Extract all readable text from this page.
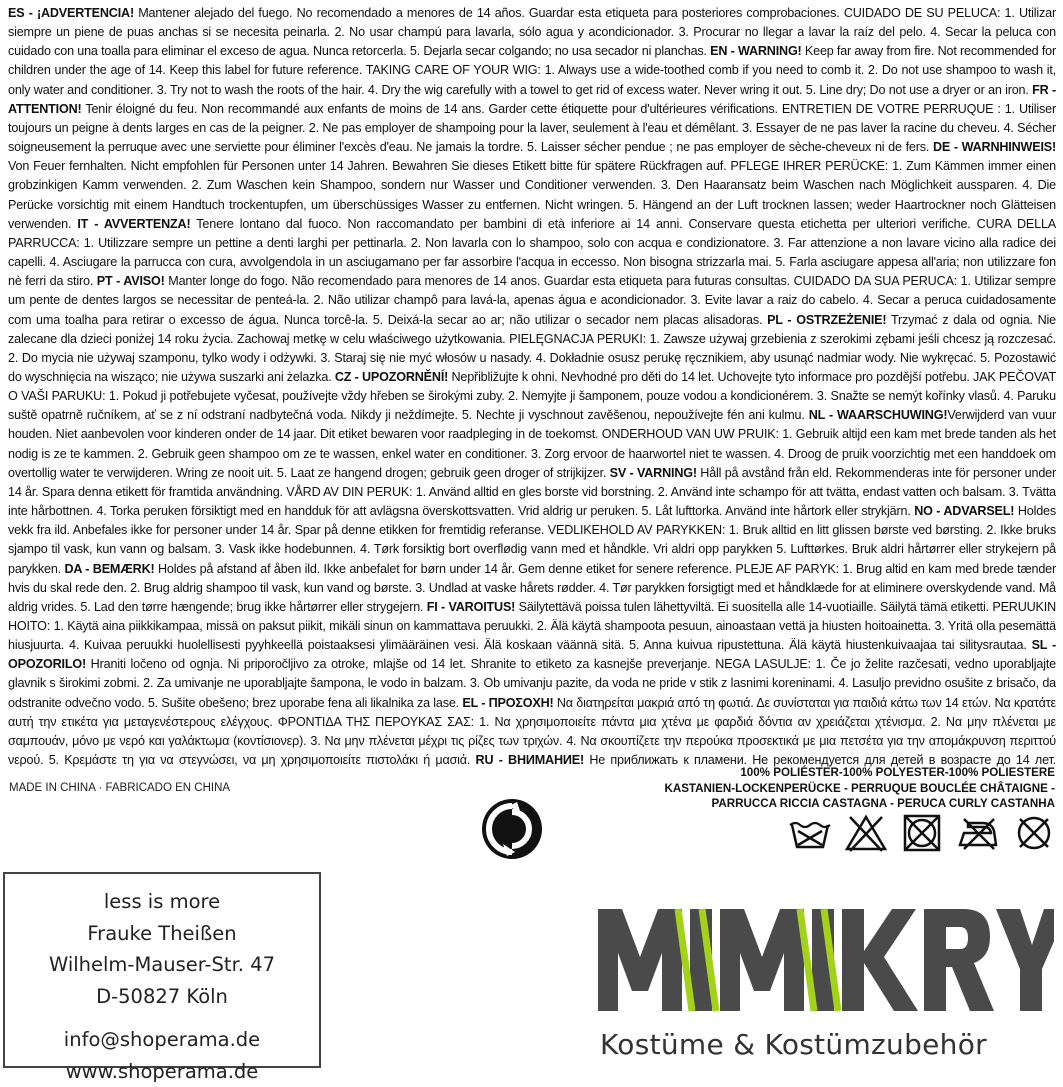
ES - ¡ADVERTENCIA! Mantener alejado del fuego. No recomendado a menores de 14 años. Guardar esta etiqueta para posteriores comprobaciones. CUIDADO DE SU PELUCA: 1. Utilizar siempre un piene de puas anchas si se necesita peinarla. 2. No usar champú para lavarla, sólo agua y acondicionador. 3. Procurar no llegar a lavar la raíz del pelo. 4. Secar la peluca con cuidado con una toalla para eliminar el exceso de agua. Nunca retorcerla. 5. Dejarla secar colgando; no usa secador ni planchas. EN - WARNING! Keep far away from fire. Not recommended for children under the age of 14. Keep this label for future reference. TAKING CARE OF YOUR WIG: 1. Always use a wide-toothed comb if you need to comb it. 2. Do not use shampoo to wash it, only water and conditioner. 3. Try not to wash the roots of the hair. 4. Dry the wig carefully with a towel to get rid of excess water. Never wring it out. 5. Line dry; Do not use a dryer or an iron. FR - ATTENTION! Tenir éloigné du feu. Non recommandé aux enfants de moins de 14 ans. Garder cette étiquette pour d'ultérieures vérifications. ENTRETIEN DE VOTRE PERRUQUE : 1. Utiliser toujours un peigne à dents larges en cas de la peigner. 2. Ne pas employer de shampoing pour la laver, seulement à l'eau et démêlant. 3. Essayer de ne pas laver la racine du cheveu. 4. Sécher soigneusement la perruque avec une serviette pour éliminer l'excès d'eau. Ne jamais la tordre. 5. Laisser sécher pendue ; ne pas employer de sèche-cheveux ni de fers. DE - WARNHINWEIS! Von Feuer fernhalten. Nicht empfohlen für Personen unter 14 Jahren. Bewahren Sie dieses Etikett bitte für spätere Rückfragen auf. PFLEGE IHRER PERÜCKE: 1. Zum Kämmen immer einen grobzinkigen Kamm verwenden. 2. Zum Waschen kein Shampoo, sondern nur Wasser und Conditioner verwenden. 3. Den Haaransatz beim Waschen nach Möglichkeit aussparen. 4. Die Perücke vorsichtig mit einem Handtuch trockentupfen, um überschüssiges Wasser zu entfernen. Nicht wringen. 5. Hängend an der Luft trocknen lassen; weder Haartrockner noch Glätteisen verwenden. IT - AVVERTENZA! Tenere lontano dal fuoco. Non raccomandato per bambini di età inferiore ai 14 anni. Conservare questa etichetta per ulteriori verifiche. CURA DELLA PARRUCCA: 1. Utilizzare sempre un pettine a denti larghi per pettinarla. 2. Non lavarla con lo shampoo, solo con acqua e condizionatore. 3. Far attenzione a non lavare vicino alla radice dei capelli. 4. Asciugare la parrucca con cura, avvolgendola in un asciugamano per far assorbire l'acqua in eccesso. Non bisogna strizzarla mai. 5. Farla asciugare appesa all'aria; non utilizzare fon nè ferri da stiro. PT - AVISO! Manter longe do fogo. Não recomendado para menores de 14 anos. Guardar esta etiqueta para futuras consultas. CUIDADO DA SUA PERUCA: 1. Utilizar sempre um pente de dentes largos se necessitar de penteá-la. 2. Não utilizar champô para lavá-la, apenas água e acondicionador. 3. Evite lavar a raiz do cabelo. 4. Secar a peruca cuidadosamente com uma toalha para retirar o excesso de água. Nunca torcê-la. 5. Deixá-la secar ao ar; não utilizar o secador nem placas alisadoras. PL - OSTRZEŻENIE! Trzymać z dala od ognia. Nie zalecane dla dzieci poniżej 14 roku życia. Zachowaj metkę w celu właściwego użytkowania. PIELĘGNACJA PERUKI: 1. Zawsze używaj grzebienia z szerokimi zębami jeśli chcesz ją rozczesać. 2. Do mycia nie używaj szamponu, tylko wody i odżywki. 3. Staraj się nie myć włosów u nasady. 4. Dokładnie osusz perukę ręcznikiem, aby usunąć nadmiar wody. Nie wykręcać. 5. Pozostawić do wyschnięcia na wisząco; nie używa suszarki ani żelazka. CZ - UPOZORNĚNÍ! Nepřibližujte k ohni. Nevhodné pro děti do 14 let. Uchovejte tyto informace pro pozdější potřebu. JAK PEČOVAT O VAŠI PARUKU: 1. Pokud ji potřebujete vyčesat, používejte vždy hřeben se širokými zuby. 2. Nemyjte ji šamponem, pouze vodou a kondicionérem. 3. Snažte se nemýt kořínky vlasů. 4. Paruku suště opatrně ručníkem, ať se z ní odstraní nadbytečná voda. Nikdy ji neždímejte. 5. Nechte ji vyschnout zavěšenou, nepoužívejte fén ani kulmu. NL - WAARSCHUWING!Verwijderd van vuur houden. Niet aanbevolen voor kinderen onder de 14 jaar. Dit etiket bewaren voor raadpleging in de toekomst. ONDERHOUD VAN UW PRUIK: 1. Gebruik altijd een kam met brede tanden als het nodig is ze te kammen. 2. Gebruik geen shampoo om ze te wassen, enkel water en conditioner. 3. Zorg ervoor de haarwortel niet te wassen. 4. Droog de pruik voorzichtig met een handdoek om overtollig water te verwijderen. Wring ze nooit uit. 5. Laat ze hangend drogen; gebruik geen droger of strijkijzer. SV - VARNING! Håll på avstånd från eld. Rekommenderas inte för personer under 14 år. Spara denna etikett för framtida användning. VÅRD AV DIN PERUK: 1. Använd alltid en gles borste vid borstning. 2. Använd inte schampo för att tvätta, endast vatten och balsam. 3. Tvätta inte hårbottnen. 4. Torka peruken försiktigt med en handduk för att avlägsna överskottsvatten. Vrid aldrig ur peruken. 5. Låt lufttorka. Använd inte hårtork eller strykjärn. NO - ADVARSEL! Holdes vekk fra ild. Anbefales ikke for personer under 14 år. Spar på denne etikken for fremtidig referanse. VEDLIKEHOLD AV PARYKKEN: 1. Bruk alltid en litt glissen børste ved børsting. 2. Ikke bruks sjampo til vask, kun vann og balsam. 3. Vask ikke hodebunnen. 4. Tørk forsiktig bort overflødig vann med et håndkle. Vri aldri opp parykken 5. Lufttørkes. Bruk aldri hårtørrer eller strykejern på parykken. DA - BEMÆRK! Holdes på afstand af åben ild. Ikke anbefalet for børn under 14 år. Gem denne etiket for senere reference. PLEJE AF PARYK: 1. Brug altid en kam med brede tænder hvis du skal rede den. 2. Brug aldrig shampoo til vask, kun vand og børste. 3. Undlad at vaske hårets rødder. 4. Tør parykken forsigtigt med et håndklæde for at eliminere overskydende vand. Må aldrig vrides. 5. Lad den tørre hængende; brug ikke hårtørrer eller strygejern. FI - VAROITUS! Säilytettävä poissa tulen lähettyviltä. Ei suositella alle 14-vuotiaille. Säilytä tämä etiketti. PERUUKIN HOITO: 1. Käytä aina piikkikampaa, missä on paksut piikit, mikäli sinun on kammattava peruukki. 2. Älä käytä shampoota pesuun, ainoastaan vettä ja hiusten hoitoainetta. 3. Yritä olla pesemättä hiusjuurta. 4. Kuivaa peruukki huolellisesti pyyhkeellä poistaaksesi ylimääräinen vesi. Älä koskaan väännä sitä. 5. Anna kuivua ripustettuna. Älä käytä hiustenkuivaajaa tai silitysrautaa. SL - OPOZORILO! Hraniti ločeno od ognja. Ni priporočljivo za otroke, mlajše od 14 let. Shranite to etiketo za kasnejše preverjanje. NEGA LASULJE: 1. Če jo želite razčesati, vedno uporabljajte glavnik s širokimi zobmi. 2. Za umivanje ne uporabljajte šampona, le vodo in balzam. 3. Ob umivanju pazite, da voda ne pride v stik z lasnimi koreninami. 4. Lasuljo previdno osušite z brisačo, da odstranite odvečno vodo. 5. Sušite obešeno; brez uporabe fena ali likalnika za lase. EL - ΠΡΟΣΟΧΗ! Να διατηρείται μακριά από τη φωτιά. Δε συνίσταται για παιδιά κάτω των 14 ετών. Να κρατάτε αυτή την ετικέτα για μεταγενέστερους ελέγχους. ΦΡΟΝΤΙΔΑ ΤΗΣ ΠΕΡΟΥΚΑΣ ΣΑΣ: 1. Να χρησιμοποιείτε πάντα μια χτένα με φαρδιά δόντια αν χρειάζεται χτένισμα. 2. Να μην πλένεται με σαμπουάν, μόνο με νερό και γαλάκτωμα (κοντίσιονερ). 3. Να μην πλένεται μέχρι τις ρίζες των τριχών. 4. Να σκουπίζετε την περούκα προσεκτικά με μια πετσέτα για την απομάκρυνση περιττού νερού. 5. Κρεμάστε τη για να στεγνώσει, να μη χρησιμοποιείτε πιστολάκι ή μασιά. RU - ВНИМАНИЕ! Не приближать к пламени. Не рекомендуется для детей в возрасте до 14 лет.
MADE IN CHINA · FABRICADO EN CHINA
100% POLIÉSTER-100% POLYESTER-100% POLIESTERE
KASTANIEN-LOCKENPERÜCKE - PERRUQUE BOUCLÉE CHÂTAIGNE -
PARRUCCA RICCIA CASTAGNA - PERUCA CURLY CASTANHA
less is more
Frauke Theißen
Wilhelm-Mauser-Str. 47
D-50827 Köln
info@shoperama.de
www.shoperama.de
Kostüme & Kostümzubehör
